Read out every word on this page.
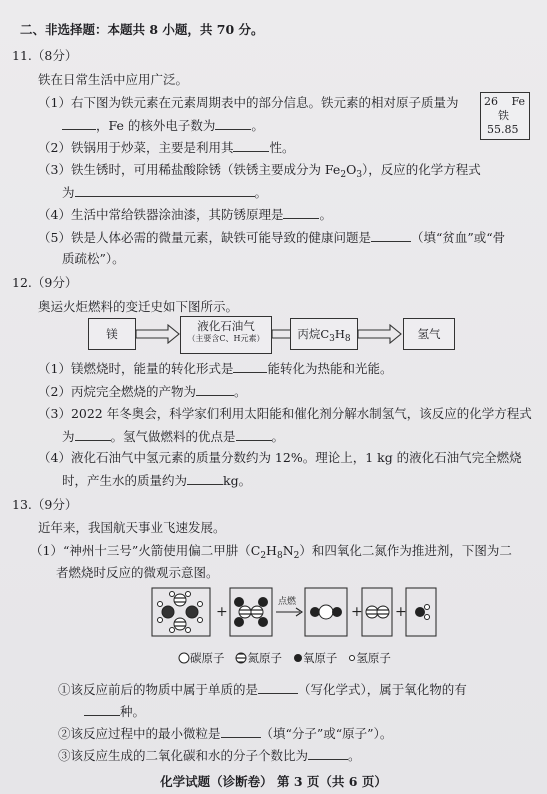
二、非选择题：本题共 8 小题，共 70 分。
11.（8分）
铁在日常生活中应用广泛。
（1）右下图为铁元素在元素周期表中的部分信息。铁元素的相对原子质量为
，Fe 的核外电子数为	。
26 Fe
铁
55.85
（2）铁锅用于炒菜，主要是利用其	性。
（3）铁生锈时，可用稀盐酸除锈（铁锈主要成分为 $Fe_2O_3$），反应的化学方程式
为	。
（4）生活中常给铁器涂油漆，其防锈原理是	。
（5）铁是人体必需的微量元素，缺铁可能导致的健康问题是	（填“贫血”或“骨
质疏松”）。
12.（9分）
奥运火炬燃料的变迁史如下图所示。
镁
液化石油气
（主要含C、H元素）	丙烷$C_3H_8$	氢气
（1）镁燃烧时，能量的转化形式是	能转化为热能和光能。
（2）丙烷完全燃烧的产物为	。
（3）2022 年冬奥会，科学家们利用太阳能和催化剂分解水制氢气，该反应的化学方程式
为	。氢气做燃料的优点是	。
（4）液化石油气中氢元素的质量分数约为 12%。理论上，1 kg 的液化石油气完全燃烧
时，产生水的质量约为	kg。
13.（9分）
近年来，我国航天事业飞速发展。
（1）“神州十三号”火箭使用偏二甲肼$(C_2H_8N_2)$和四氧化二氮作为推进剂，下图为二
者燃烧时反应的微观示意图。
+
点燃
+ +
碳原子 氮原子 氧原子 氢原子
①该反应前后的物质中属于单质的是	（写化学式），属于氧化物的有
种。
②该反应过程中的最小微粒是	（填“分子”或“原子”）。
③该反应生成的二氧化碳和水的分子个数比为	。
化学试题（诊断卷） 第 3 页（共 6 页）
